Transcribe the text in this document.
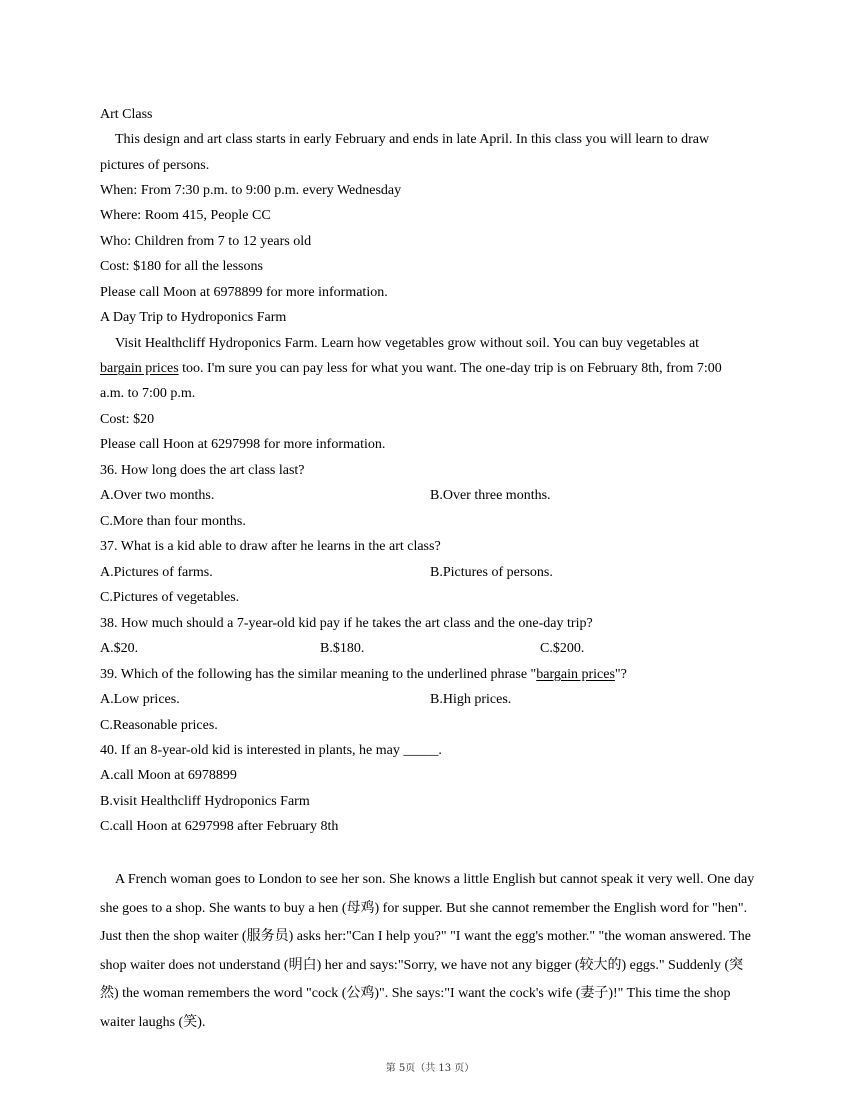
Art Class
This design and art class starts in early February and ends in late April. In this class you will learn to draw
pictures of persons.
When: From 7:30 p.m. to 9:00 p.m. every Wednesday
Where: Room 415, People CC
Who: Children from 7 to 12 years old
Cost: $180 for all the lessons
Please call Moon at 6978899 for more information.
A Day Trip to Hydroponics Farm
Visit Healthcliff Hydroponics Farm. Learn how vegetables grow without soil. You can buy vegetables at
bargain prices too. I'm sure you can pay less for what you want. The one-day trip is on February 8th, from 7:00
a.m. to 7:00 p.m.
Cost: $20
Please call Hoon at 6297998 for more information.
36. How long does the art class last?
A.Over two months.	B.Over three months.
C.More than four months.
37. What is a kid able to draw after he learns in the art class?
A.Pictures of farms.	B.Pictures of persons.
C.Pictures of vegetables.
38. How much should a 7-year-old kid pay if he takes the art class and the one-day trip?
A.$20.	B.$180.	C.$200.
39. Which of the following has the similar meaning to the underlined phrase "bargain prices"?
A.Low prices.	B.High prices.
C.Reasonable prices.
40. If an 8-year-old kid is interested in plants, he may _____.
A.call Moon at 6978899
B.visit Healthcliff Hydroponics Farm
C.call Hoon at 6297998 after February 8th
A French woman goes to London to see her son. She knows a little English but cannot speak it very well. One day she goes to a shop. She wants to buy a hen (母鸡) for supper. But she cannot remember the English word for "hen". Just then the shop waiter (服务员) asks her:"Can I help you?" "I want the egg's mother." "the woman answered. The shop waiter does not understand (明白) her and says:"Sorry, we have not any bigger (较大的) eggs." Suddenly (突然) the woman remembers the word "cock (公鸡)". She says:"I want the cock's wife (妻子)!" This time the shop waiter laughs (笑).
第 5页（共 13 页）
